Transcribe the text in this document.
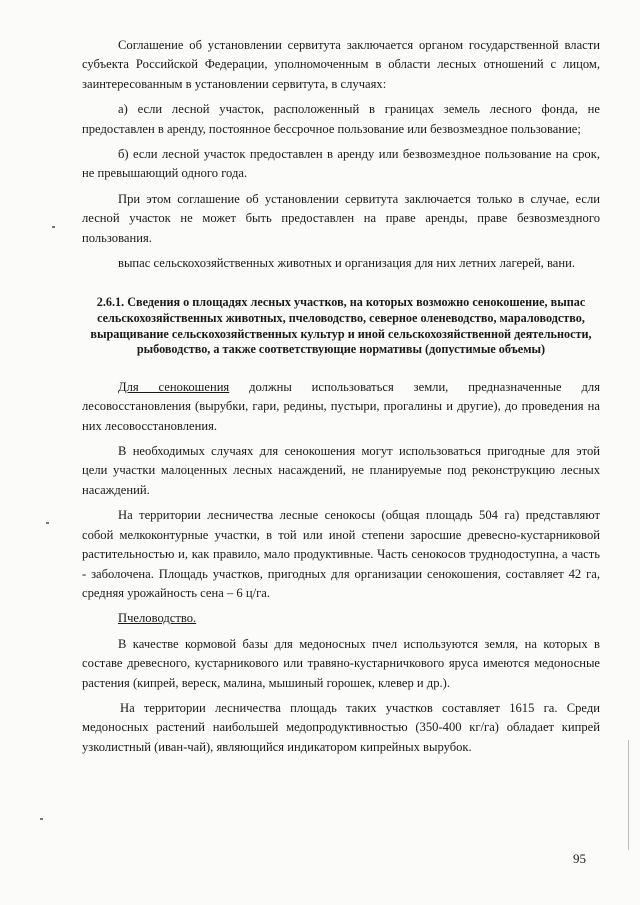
Соглашение об установлении сервитута заключается органом государственной власти субъекта Российской Федерации, уполномоченным в области лесных отношений с лицом, заинтересованным в установлении сервитута, в случаях:

а) если лесной участок, расположенный в границах земель лесного фонда, не предоставлен в аренду, постоянное бессрочное пользование или безвозмездное пользование;

б) если лесной участок предоставлен в аренду или безвозмездное пользование на срок, не превышающий одного года.

При этом соглашение об установлении сервитута заключается только в случае, если лесной участок не может быть предоставлен на праве аренды, праве безвозмездного пользования.

выпас сельскохозяйственных животных и организация для них летних лагерей, вани.

2.6.1. Сведения о площадях лесных участков, на которых возможно сенокошение, выпас сельскохозяйственных животных, пчеловодство, северное оленеводство, мараловодство, выращивание сельскохозяйственных культур и иной сельскохозяйственной деятельности, рыбоводство, а также соответствующие нормативы (допустимые объемы)

Для сенокошения должны использоваться земли, предназначенные для лесовосстановления (вырубки, гари, редины, пустыри, прогалины и другие), до проведения на них лесовосстановления.

В необходимых случаях для сенокошения могут использоваться пригодные для этой цели участки малоценных лесных насаждений, не планируемые под реконструкцию лесных насаждений.

На территории лесничества лесные сенокосы (общая площадь 504 га) представляют собой мелкоконтурные участки, в той или иной степени заросшие древесно-кустарниковой растительностью и, как правило, мало продуктивные. Часть сенокосов труднодоступна, а часть - заболочена. Площадь участков, пригодных для организации сенокошения, составляет 42 га, средняя урожайность сена – 6 ц/га.

Пчеловодство.

В качестве кормовой базы для медоносных пчел используются земля, на которых в составе древесного, кустарникового или травяно-кустарничкового яруса имеются медоносные растения (кипрей, вереск, малина, мышиный горошек, клевер и др.).

На территории лесничества площадь таких участков составляет 1615 га. Среди медоносных растений наибольшей медопродуктивностью (350-400 кг/га) обладает кипрей узколистный (иван-чай), являющийся индикатором кипрейных вырубок.

95
